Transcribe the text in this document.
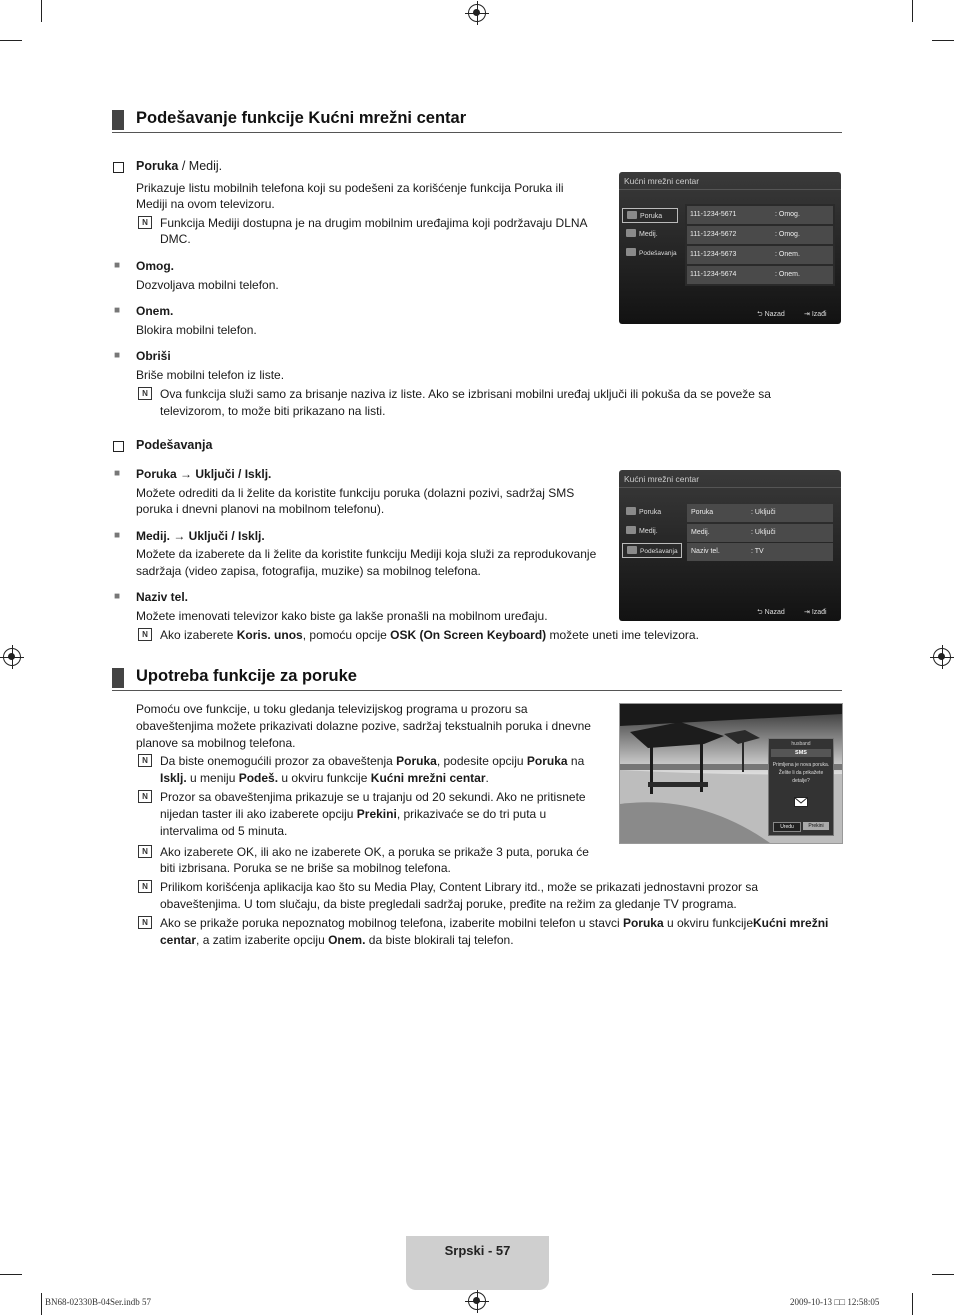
Podešavanje funkcije Kućni mrežni centar
Poruka / Medij.
Prikazuje listu mobilnih telefona koji su podešeni za korišćenje funkcija Poruka ili
Mediji na ovom televizoru.
N	Funkcija Mediji dostupna je na drugim mobilnim uređajima koji podržavaju DLNA
DMC.
■ Omog.
Dozvoljava mobilni telefon.
■ Onem.
Blokira mobilni telefon.
■ Obriši
Briše mobilni telefon iz liste.
N	Ova funkcija služi samo za brisanje naziva iz liste. Ako se izbrisani mobilni uređaj uključi ili pokuša da se poveže sa
televizorom, to može biti prikazano na listi.
Kućni mrežni centar
Poruka
Medij.
Podešavanja
111-1234-5671	: Omog.
111-1234-5672	: Omog.
111-1234-5673	: Onem.
111-1234-5674	: Onem.
⮌ Nazad	⇥ Izađi
Podešavanja
■ Poruka → Uključi / Isklj.
Možete odrediti da li želite da koristite funkciju poruka (dolazni pozivi, sadržaj SMS
poruka i dnevni planovi na mobilnom telefonu).
■ Medij. → Uključi / Isklj.
Možete da izaberete da li želite da koristite funkciju Mediji koja služi za reprodukovanje
sadržaja (video zapisa, fotografija, muzike) sa mobilnog telefona.
■ Naziv tel.
Možete imenovati televizor kako biste ga lakše pronašli na mobilnom uređaju.
N	Ako izaberete Koris. unos, pomoću opcije OSK (On Screen Keyboard) možete uneti ime televizora.
Kućni mrežni centar
Poruka
Medij.
Podešavanja
Poruka	: Uključi
Medij.	: Uključi
Naziv tel.	: TV
⮌ Nazad	⇥ Izađi
Upotreba funkcije za poruke
Pomoću ove funkcije, u toku gledanja televizijskog programa u prozoru sa
obaveštenjima možete prikazivati dolazne pozive, sadržaj tekstualnih poruka i dnevne
planove sa mobilnog telefona.
N	Da biste onemogućili prozor za obaveštenja Poruka, podesite opciju Poruka na
Isklj. u meniju Podeš. u okviru funkcije Kućni mrežni centar.
N	Prozor sa obaveštenjima prikazuje se u trajanju od 20 sekundi. Ako ne pritisnete
nijedan taster ili ako izaberete opciju Prekini, prikazivaće se do tri puta u
intervalima od 5 minuta.
N	Ako izaberete OK, ili ako ne izaberete OK, a poruka se prikaže 3 puta, poruka će
biti izbrisana. Poruka se ne briše sa mobilnog telefona.
N	Prilikom korišćenja aplikacija kao što su Media Play, Content Library itd., može se prikazati jednostavni prozor sa
obaveštenjima. U tom slučaju, da biste pregledali sadržaj poruke, pređite na režim za gledanje TV programa.
N	Ako se prikaže poruka nepoznatog mobilnog telefona, izaberite mobilni telefon u stavci Poruka u okviru funkcijeKućni mrežni
centar, a zatim izaberite opciju Onem. da biste blokirali taj telefon.
husband
SMS
Primljena je nova poruka.
Želite li da prikažete
detalje?
Uredu	Prekini
Srpski - 57
BN68-02330B-04Ser.indb 57	2009-10-13 □□ 12:58:05
